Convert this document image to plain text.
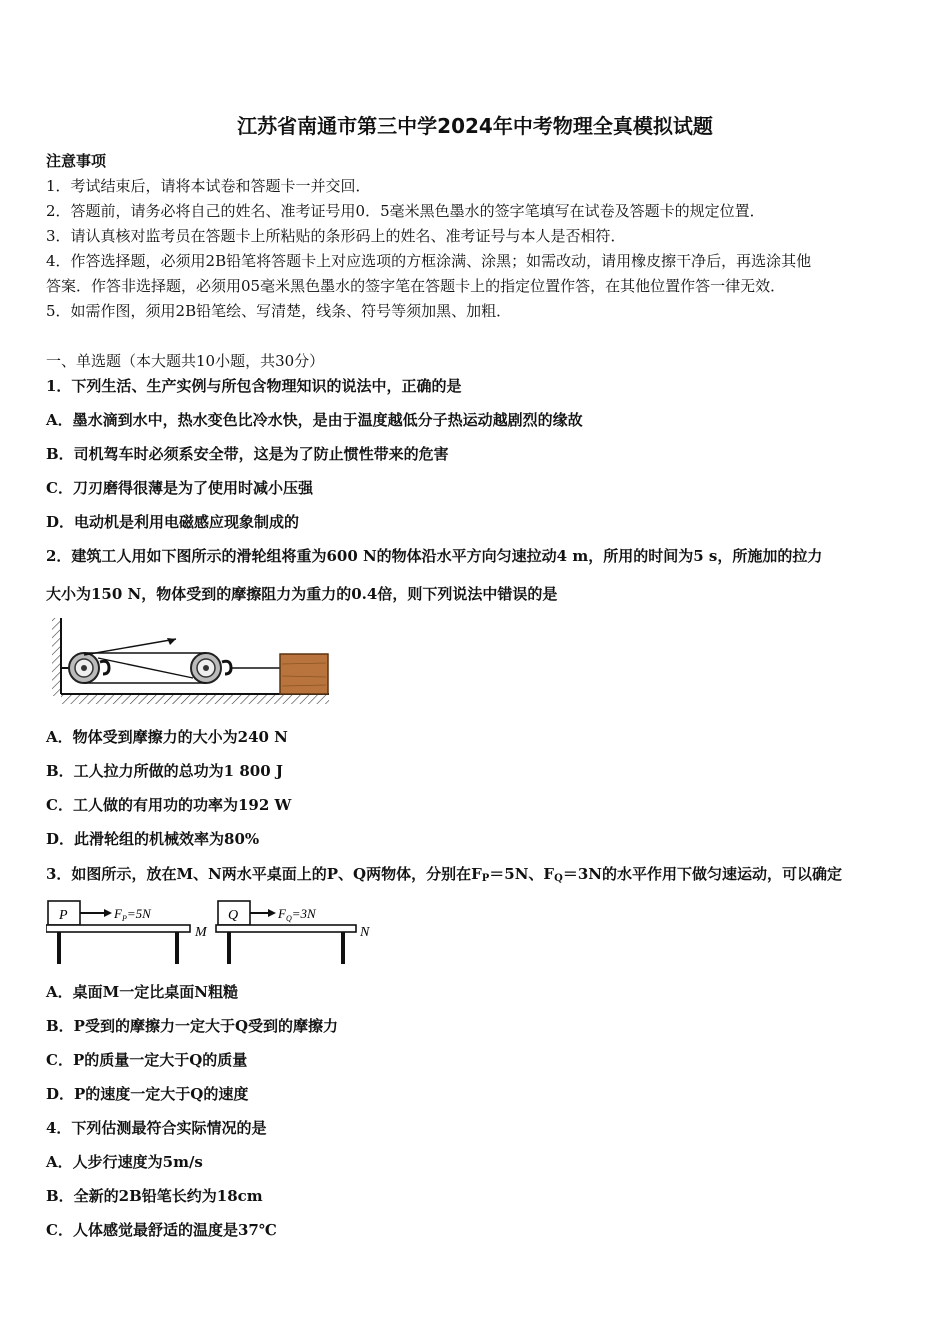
江苏省南通市第三中学2024年中考物理全真模拟试题
注意事项
1．考试结束后，请将本试卷和答题卡一并交回．
2．答题前，请务必将自己的姓名、准考证号用0．5毫米黑色墨水的签字笔填写在试卷及答题卡的规定位置．
3．请认真核对监考员在答题卡上所粘贴的条形码上的姓名、准考证号与本人是否相符．
4．作答选择题，必须用2B铅笔将答题卡上对应选项的方框涂满、涂黑；如需改动，请用橡皮擦干净后，再选涂其他
答案．作答非选择题，必须用05毫米黑色墨水的签字笔在答题卡上的指定位置作答，在其他位置作答一律无效．
5．如需作图，须用2B铅笔绘、写清楚，线条、符号等须加黑、加粗．
一、单选题（本大题共10小题，共30分）
1．下列生活、生产实例与所包含物理知识的说法中，正确的是
A．墨水滴到水中，热水变色比冷水快，是由于温度越低分子热运动越剧烈的缘故
B．司机驾车时必须系安全带，这是为了防止惯性带来的危害
C．刀刃磨得很薄是为了使用时减小压强
D．电动机是利用电磁感应现象制成的
2．建筑工人用如下图所示的滑轮组将重为600 N的物体沿水平方向匀速拉动4 m，所用的时间为5 s，所施加的拉力
大小为150 N，物体受到的摩擦阻力为重力的0.4倍，则下列说法中错误的是
A．物体受到摩擦力的大小为240 N
B．工人拉力所做的总功为1 800 J
C．工人做的有用功的功率为192 W
D．此滑轮组的机械效率为80%
3．如图所示，放在M、N两水平桌面上的P、Q两物体，分别在$F_P=5N$、$F_Q=3N$的水平作用下做匀速运动，可以确定
P	$F_P=5N$
M
Q	$F_Q=3N$
N
A．桌面M一定比桌面N粗糙
B．P受到的摩擦力一定大于Q受到的摩擦力
C．P的质量一定大于Q的质量
D．P的速度一定大于Q的速度
4．下列估测最符合实际情况的是
A．人步行速度为5m/s
B．全新的2B铅笔长约为18cm
C．人体感觉最舒适的温度是37℃
